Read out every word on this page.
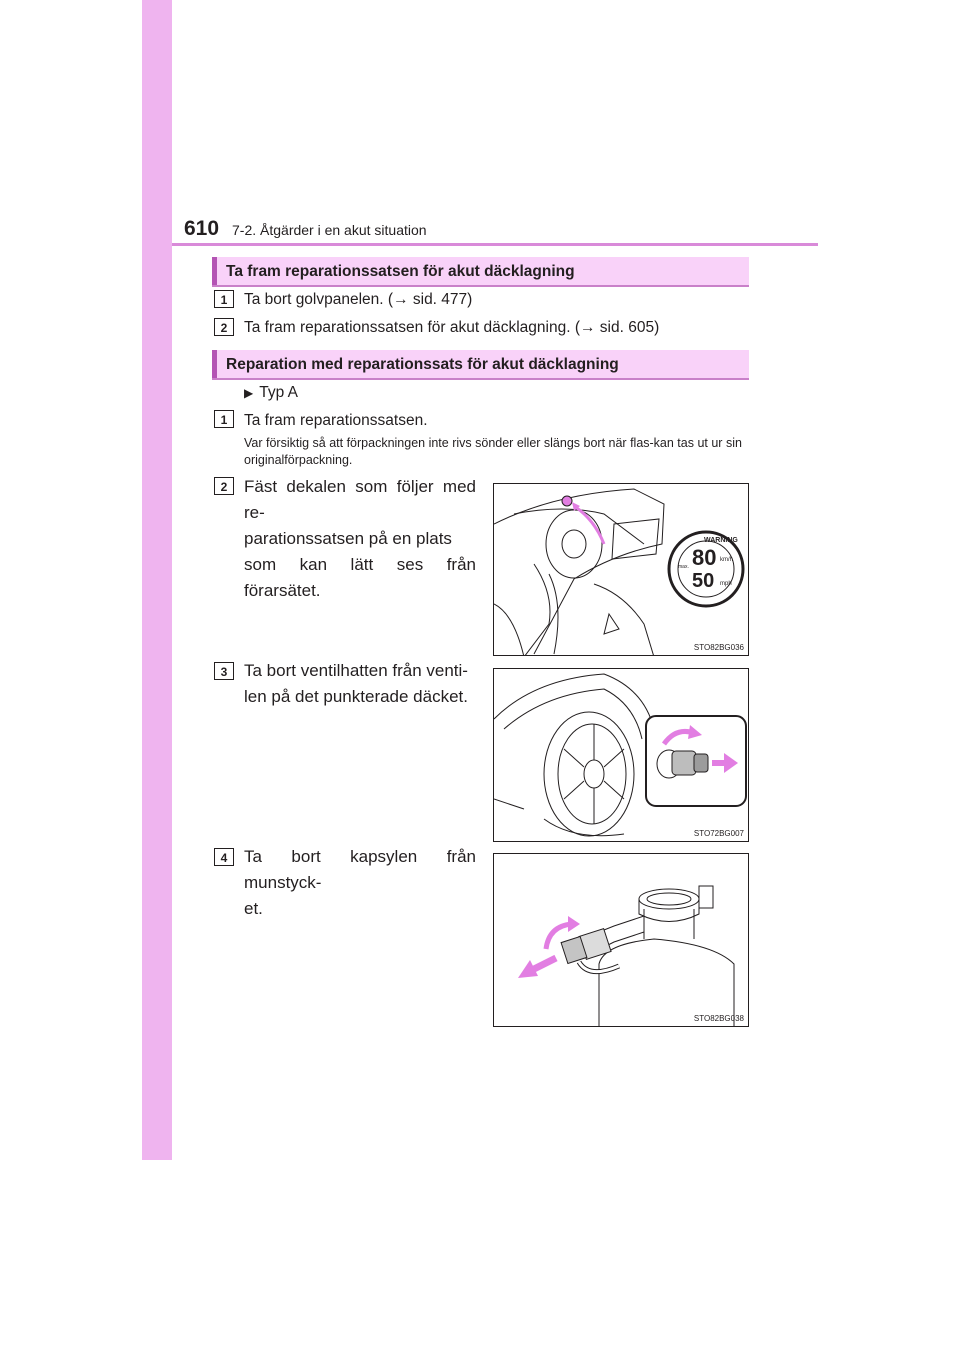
610 7-2. Åtgärder i en akut situation
Ta fram reparationssatsen för akut däcklagning
1	Ta bort golvpanelen. (→ sid. 477)
2	Ta fram reparationssatsen för akut däcklagning. (→ sid. 605)
Reparation med reparationssats för akut däcklagning
▶ Typ A
1	Ta fram reparationssatsen.
Var försiktig så att förpackningen inte rivs sönder eller slängs bort när flas-kan tas ut ur sin originalförpackning.
2 Fäst dekalen som följer med re-
parationssatsen på en plats
som kan lätt ses från förarsätet.
WARNING
80 km/h
50 mph
max.
STO82BG036
3 Ta bort ventilhatten från venti-
len på det punkterade däcket.
STO72BG007
4 Ta bort kapsylen från munstyck-
et.
STO82BG038
